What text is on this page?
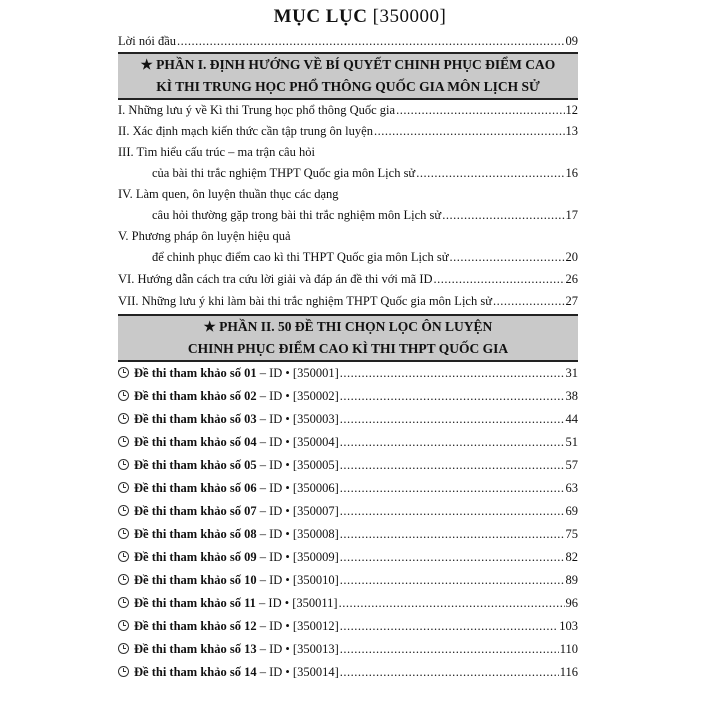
MỤC LỤC [350000]
Lời nói đầu .....	09
★ PHẦN I. ĐỊNH HƯỚNG VỀ BÍ QUYẾT CHINH PHỤC ĐIỂM CAO
KÌ THI TRUNG HỌC PHỔ THÔNG QUỐC GIA MÔN LỊCH SỬ
I. Những lưu ý về Kì thi Trung học phổ thông Quốc gia .....	12
II. Xác định mạch kiến thức cần tập trung ôn luyện .....	13
III. Tìm hiểu cấu trúc – ma trận câu hỏi
của bài thi trắc nghiệm THPT Quốc gia môn Lịch sử .....	16
IV. Làm quen, ôn luyện thuần thục các dạng
câu hỏi thường gặp trong bài thi trắc nghiệm môn Lịch sử .....	17
V. Phương pháp ôn luyện hiệu quả
để chinh phục điểm cao kì thi THPT Quốc gia môn Lịch sử .....	20
VI. Hướng dẫn cách tra cứu lời giải và đáp án đề thi với mã ID .....	26
VII. Những lưu ý khi làm bài thi trắc nghiệm THPT Quốc gia môn Lịch sử .....	27
★ PHẦN II. 50 ĐỀ THI CHỌN LỌC ÔN LUYỆN
CHINH PHỤC ĐIỂM CAO KÌ THI THPT QUỐC GIA
Đề thi tham khảo số 01 – ID • [350001] .....	31
Đề thi tham khảo số 02 – ID • [350002] .....	38
Đề thi tham khảo số 03 – ID • [350003] .....	44
Đề thi tham khảo số 04 – ID • [350004] .....	51
Đề thi tham khảo số 05 – ID • [350005] .....	57
Đề thi tham khảo số 06 – ID • [350006] .....	63
Đề thi tham khảo số 07 – ID • [350007] .....	69
Đề thi tham khảo số 08 – ID • [350008] .....	75
Đề thi tham khảo số 09 – ID • [350009] .....	82
Đề thi tham khảo số 10 – ID • [350010] .....	89
Đề thi tham khảo số 11 – ID • [350011] .....	96
Đề thi tham khảo số 12 – ID • [350012] .....	103
Đề thi tham khảo số 13 – ID • [350013] .....	110
Đề thi tham khảo số 14 – ID • [350014] .....	116
